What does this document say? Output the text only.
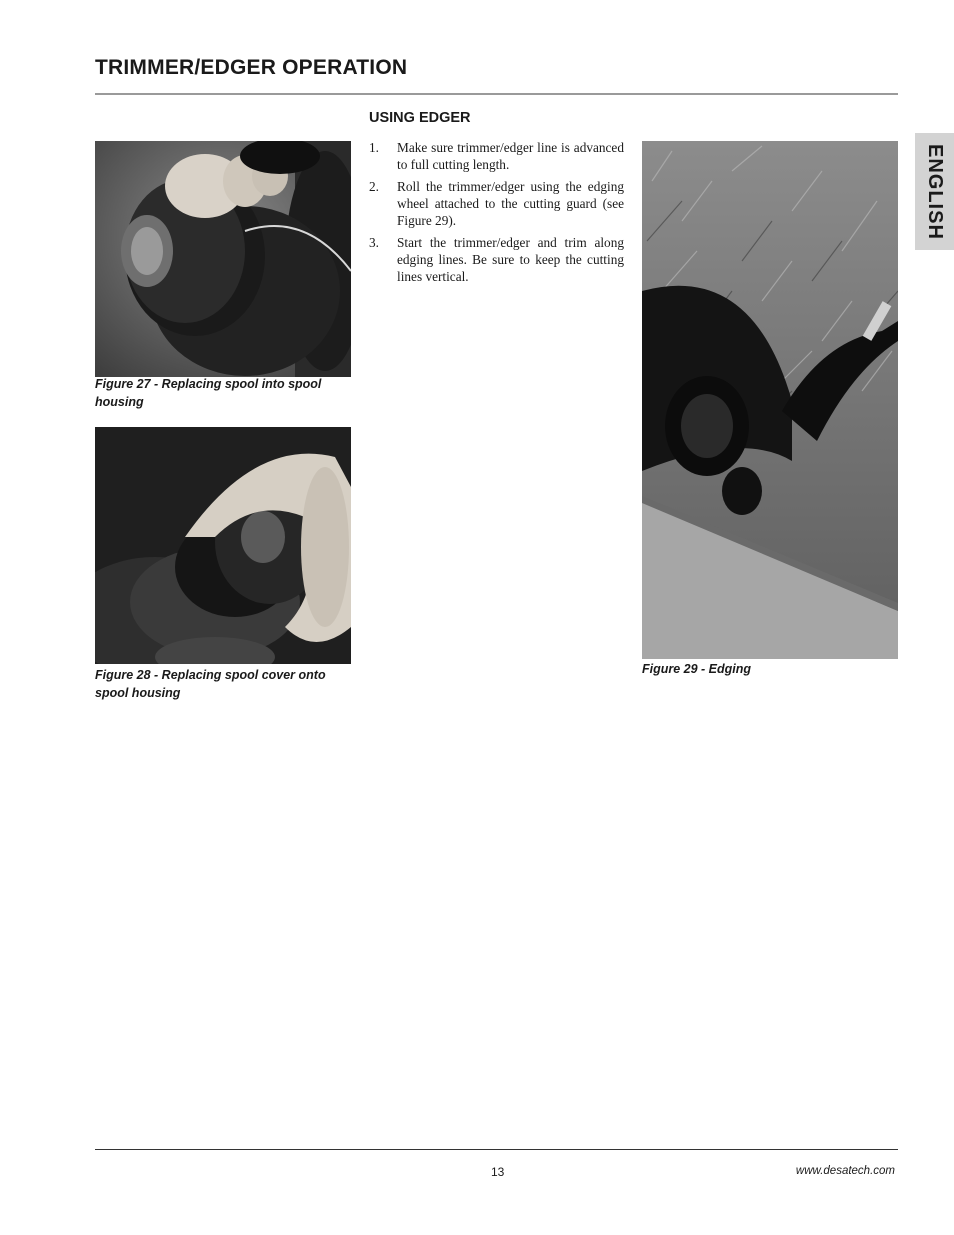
TRIMMER/EDGER OPERATION
ENGLISH

Figure 27 - Replacing spool into spool housing

Figure 28 - Replacing spool cover onto spool housing

USING EDGER
1.	Make sure trimmer/edger line is advanced to full cutting length.
2.	Roll the trimmer/edger using the edging wheel attached to the cutting guard (see Figure 29).
3.	Start the trimmer/edger and trim along edging lines. Be sure to keep the cutting lines vertical.

Figure 29 - Edging

13	www.desatech.com
